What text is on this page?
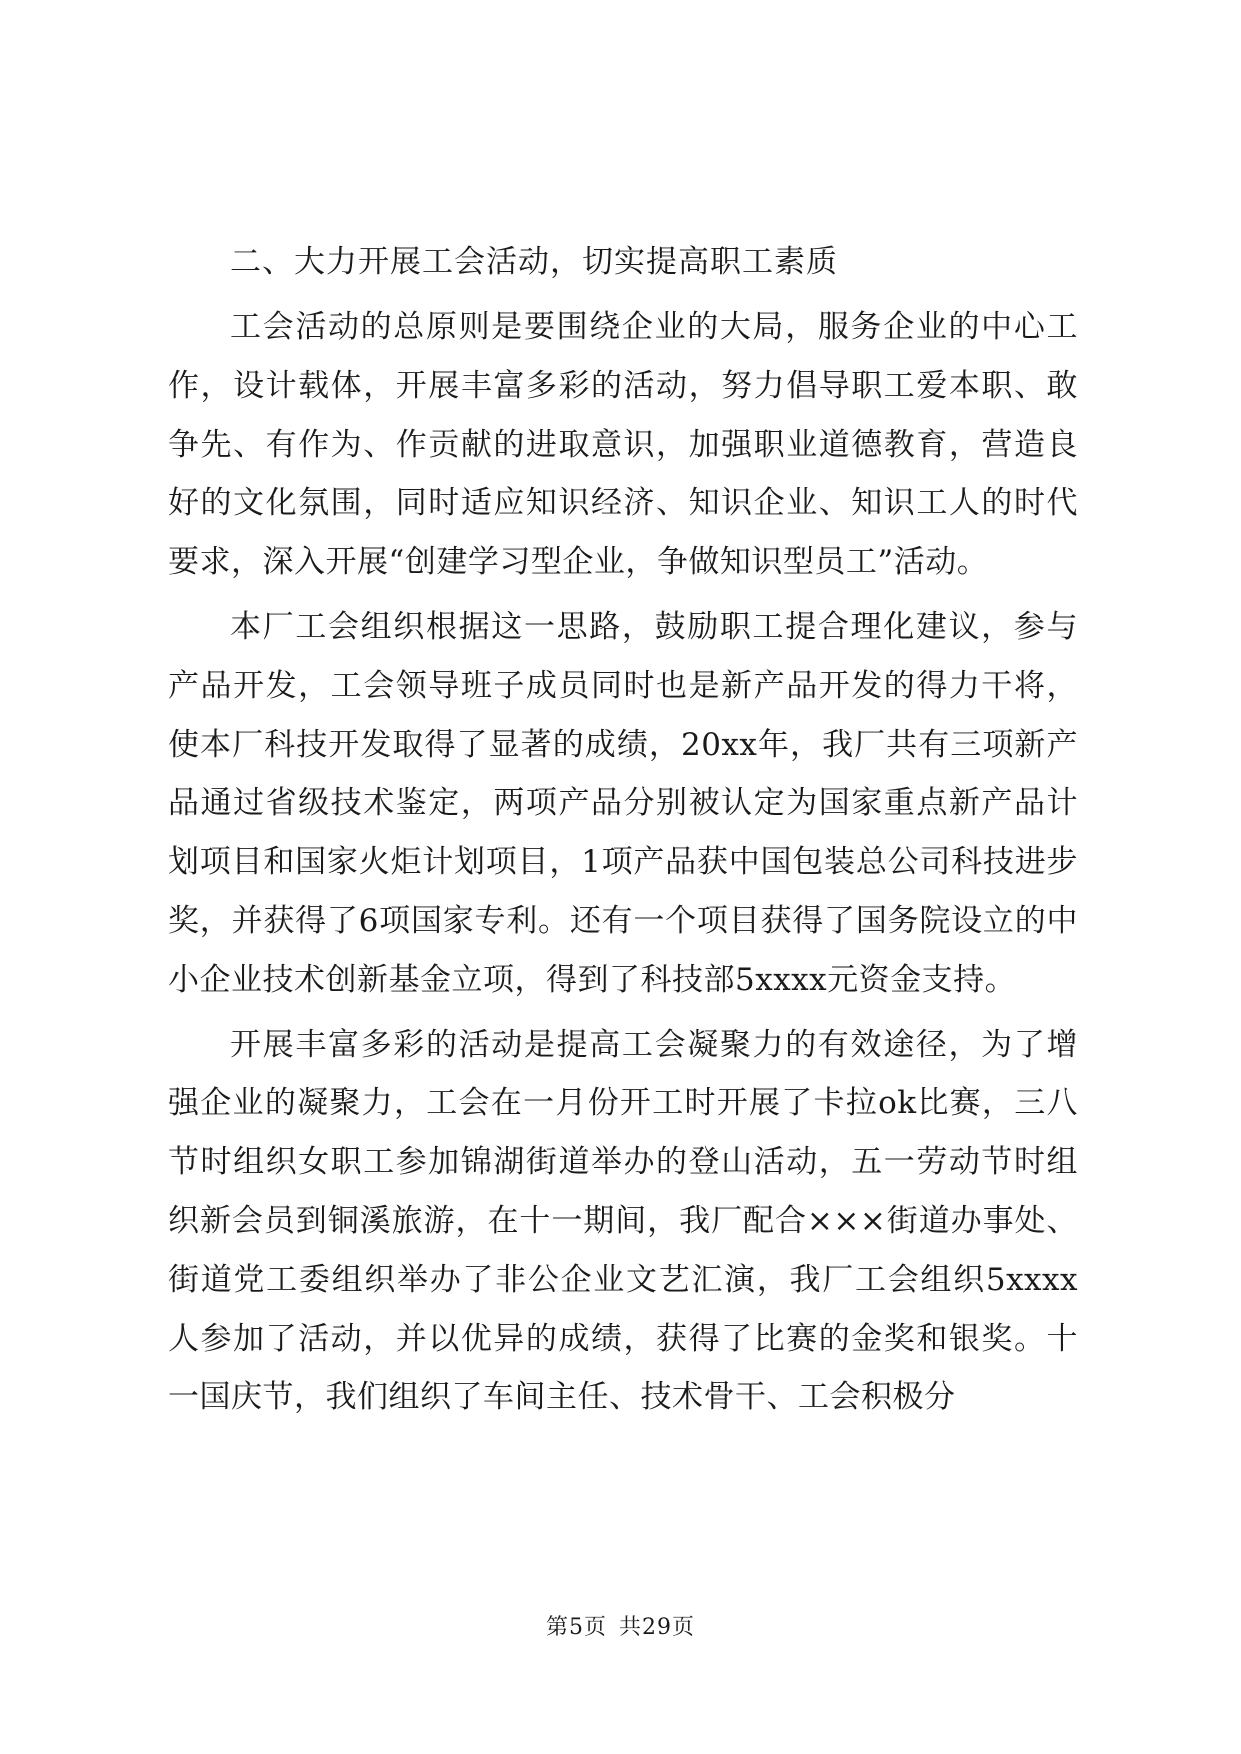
二、大力开展工会活动，切实提高职工素质

工会活动的总原则是要围绕企业的大局，服务企业的中心工作，设计载体，开展丰富多彩的活动，努力倡导职工爱本职、敢争先、有作为、作贡献的进取意识，加强职业道德教育，营造良好的文化氛围，同时适应知识经济、知识企业、知识工人的时代要求，深入开展“创建学习型企业，争做知识型员工”活动。

本厂工会组织根据这一思路，鼓励职工提合理化建议，参与产品开发，工会领导班子成员同时也是新产品开发的得力干将，使本厂科技开发取得了显著的成绩，20xx年，我厂共有三项新产品通过省级技术鉴定，两项产品分别被认定为国家重点新产品计划项目和国家火炬计划项目，1项产品获中国包装总公司科技进步奖，并获得了6项国家专利。还有一个项目获得了国务院设立的中小企业技术创新基金立项，得到了科技部5xxxx元资金支持。

开展丰富多彩的活动是提高工会凝聚力的有效途径，为了增强企业的凝聚力，工会在一月份开工时开展了卡拉ok比赛，三八节时组织女职工参加锦湖街道举办的登山活动，五一劳动节时组织新会员到铜溪旅游，在十一期间，我厂配合×××街道办事处、街道党工委组织举办了非公企业文艺汇演，我厂工会组织5xxxx人参加了活动，并以优异的成绩，获得了比赛的金奖和银奖。十一国庆节，我们组织了车间主任、技术骨干、工会积极分

第5页 共29页
